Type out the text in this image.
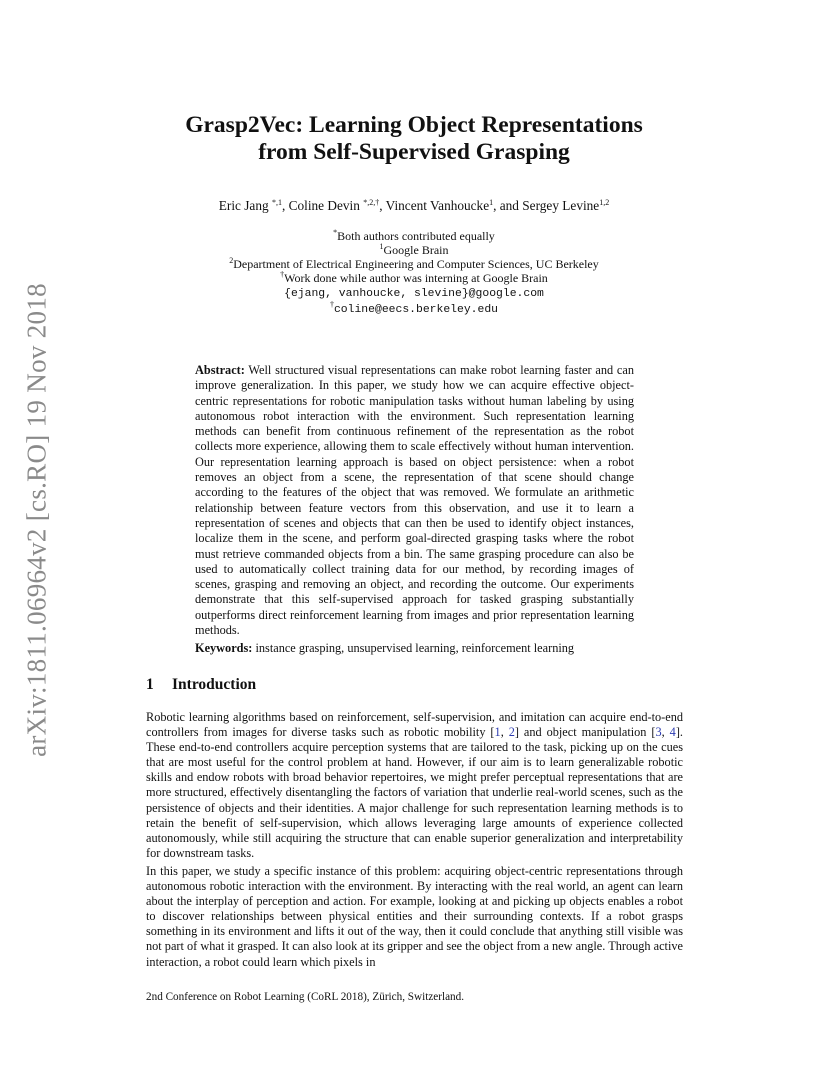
arXiv:1811.06964v2 [cs.RO] 19 Nov 2018
Grasp2Vec: Learning Object Representations
from Self-Supervised Grasping
Eric Jang $^{*,1}$, Coline Devin $^{*,2,\dagger}$, Vincent Vanhoucke$^1$, and Sergey Levine$^{1,2}$
*Both authors contributed equally
$^1$Google Brain
$^2$Department of Electrical Engineering and Computer Sciences, UC Berkeley
†Work done while author was interning at Google Brain
{ejang, vanhoucke, slevine}@google.com
†coline@eecs.berkeley.edu
Abstract: Well structured visual representations can make robot learning faster and can improve generalization. In this paper, we study how we can acquire effective object-centric representations for robotic manipulation tasks without human labeling by using autonomous robot interaction with the environment. Such representation learning methods can benefit from continuous refinement of the representation as the robot collects more experience, allowing them to scale effectively without human intervention. Our representation learning approach is based on object persistence: when a robot removes an object from a scene, the representation of that scene should change according to the features of the object that was removed. We formulate an arithmetic relationship between feature vectors from this observation, and use it to learn a representation of scenes and objects that can then be used to identify object instances, localize them in the scene, and perform goal-directed grasping tasks where the robot must retrieve commanded objects from a bin. The same grasping procedure can also be used to automatically collect training data for our method, by recording images of scenes, grasping and removing an object, and recording the outcome. Our experiments demonstrate that this self-supervised approach for tasked grasping substantially outperforms direct reinforcement learning from images and prior representation learning methods.
Keywords: instance grasping, unsupervised learning, reinforcement learning
1 Introduction
Robotic learning algorithms based on reinforcement, self-supervision, and imitation can acquire end-to-end controllers from images for diverse tasks such as robotic mobility [1, 2] and object manipulation [3, 4]. These end-to-end controllers acquire perception systems that are tailored to the task, picking up on the cues that are most useful for the control problem at hand. However, if our aim is to learn generalizable robotic skills and endow robots with broad behavior repertoires, we might prefer perceptual representations that are more structured, effectively disentangling the factors of variation that underlie real-world scenes, such as the persistence of objects and their identities. A major challenge for such representation learning methods is to retain the benefit of self-supervision, which allows leveraging large amounts of experience collected autonomously, while still acquiring the structure that can enable superior generalization and interpretability for downstream tasks.
In this paper, we study a specific instance of this problem: acquiring object-centric representations through autonomous robotic interaction with the environment. By interacting with the real world, an agent can learn about the interplay of perception and action. For example, looking at and picking up objects enables a robot to discover relationships between physical entities and their surrounding contexts. If a robot grasps something in its environment and lifts it out of the way, then it could conclude that anything still visible was not part of what it grasped. It can also look at its gripper and see the object from a new angle. Through active interaction, a robot could learn which pixels in
2nd Conference on Robot Learning (CoRL 2018), Zürich, Switzerland.
